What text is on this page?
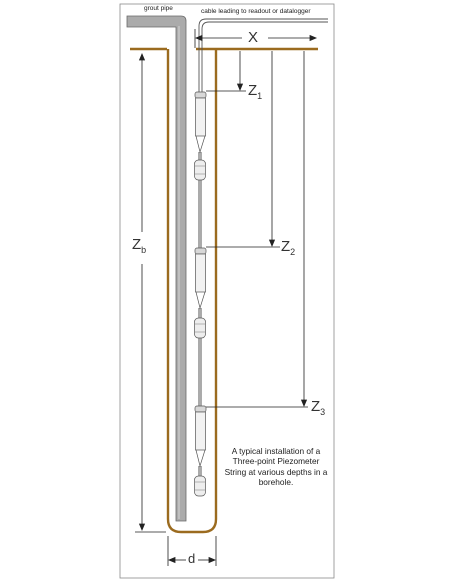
grout pipe	cable leading to readout or datalogger
X
$Z_1$
$Z_2$
$Z_3$
$Z_b$
d
A typical installation of a Three-point Piezometer String at various depths in a borehole.
